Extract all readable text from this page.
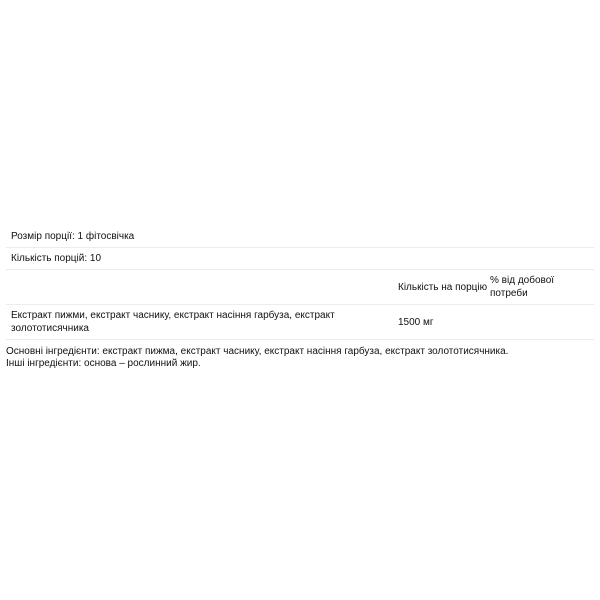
Розмір порції: 1 фітосвічка
Кількість порцій: 10
Кількість на порцію
% від добової потреби
Екстракт пижми, екстракт часнику, екстракт насіння гарбуза, екстракт золототисячника
1500 мг
Основні інгредієнти: екстракт пижма, екстракт часнику, екстракт насіння гарбуза, екстракт золототисячника.
Інші інгредієнти: основа – рослинний жир.
